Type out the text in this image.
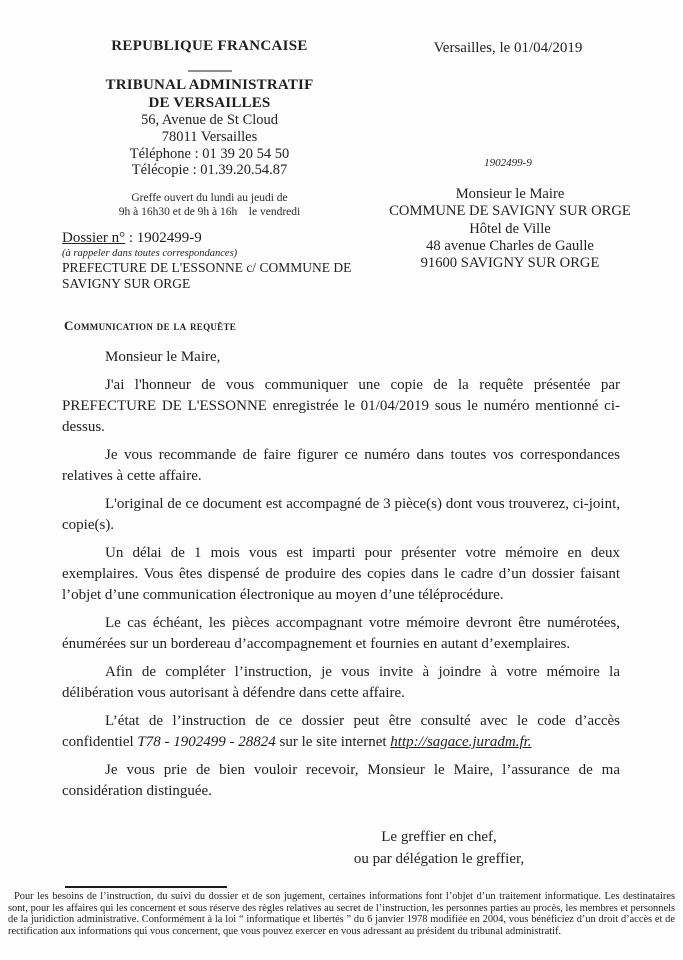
REPUBLIQUE FRANCAISE
TRIBUNAL ADMINISTRATIF
DE VERSAILLES
56, Avenue de St Cloud
78011 Versailles
Téléphone : 01 39 20 54 50
Télécopie : 01.39.20.54.87
Greffe ouvert du lundi au jeudi de
9h à 16h30 et de 9h à 16h    le vendredi
Versailles, le 01/04/2019
1902499-9
Monsieur le Maire
COMMUNE DE SAVIGNY SUR ORGE
Hôtel de Ville
48 avenue Charles de Gaulle
91600 SAVIGNY SUR ORGE
Dossier n° : 1902499-9
(à rappeler dans toutes correspondances)
PREFECTURE DE L'ESSONNE c/ COMMUNE DE
SAVIGNY SUR ORGE
Communication de la requête

Monsieur le Maire,

J'ai l'honneur de vous communiquer une copie de la requête présentée par PREFECTURE DE L'ESSONNE enregistrée le 01/04/2019 sous le numéro mentionné ci-dessus.

Je vous recommande de faire figurer ce numéro dans toutes vos correspondances relatives à cette affaire.

L'original de ce document est accompagné de 3 pièce(s) dont vous trouverez, ci-joint, copie(s).

Un délai de 1 mois vous est imparti pour présenter votre mémoire en deux exemplaires. Vous êtes dispensé de produire des copies dans le cadre d’un dossier faisant l’objet d’une communication électronique au moyen d’une téléprocédure.

Le cas échéant, les pièces accompagnant votre mémoire devront être numérotées, énumérées sur un bordereau d’accompagnement et fournies en autant d’exemplaires.

Afin de compléter l’instruction, je vous invite à joindre à votre mémoire la délibération vous autorisant à défendre dans cette affaire.

L’état de l’instruction de ce dossier peut être consulté avec le code d’accès confidentiel T78 - 1902499 - 28824 sur le site internet http://sagace.juradm.fr.

Je vous prie de bien vouloir recevoir, Monsieur le Maire, l’assurance de ma considération distinguée.

Le greffier en chef,
ou par délégation le greffier,
Pour les besoins de l’instruction, du suivi du dossier et de son jugement, certaines informations font l’objet d’un traitement informatique. Les destinataires sont, pour les affaires qui les concernent et sous réserve des règles relatives au secret de l’instruction, les personnes parties au procès, les membres et personnels de la juridiction administrative. Conformément à la loi “ informatique et libertés ” du 6 janvier 1978 modifiée en 2004, vous bénéficiez d’un droit d’accès et de rectification aux informations qui vous concernent, que vous pouvez exercer en vous adressant au président du tribunal administratif.
